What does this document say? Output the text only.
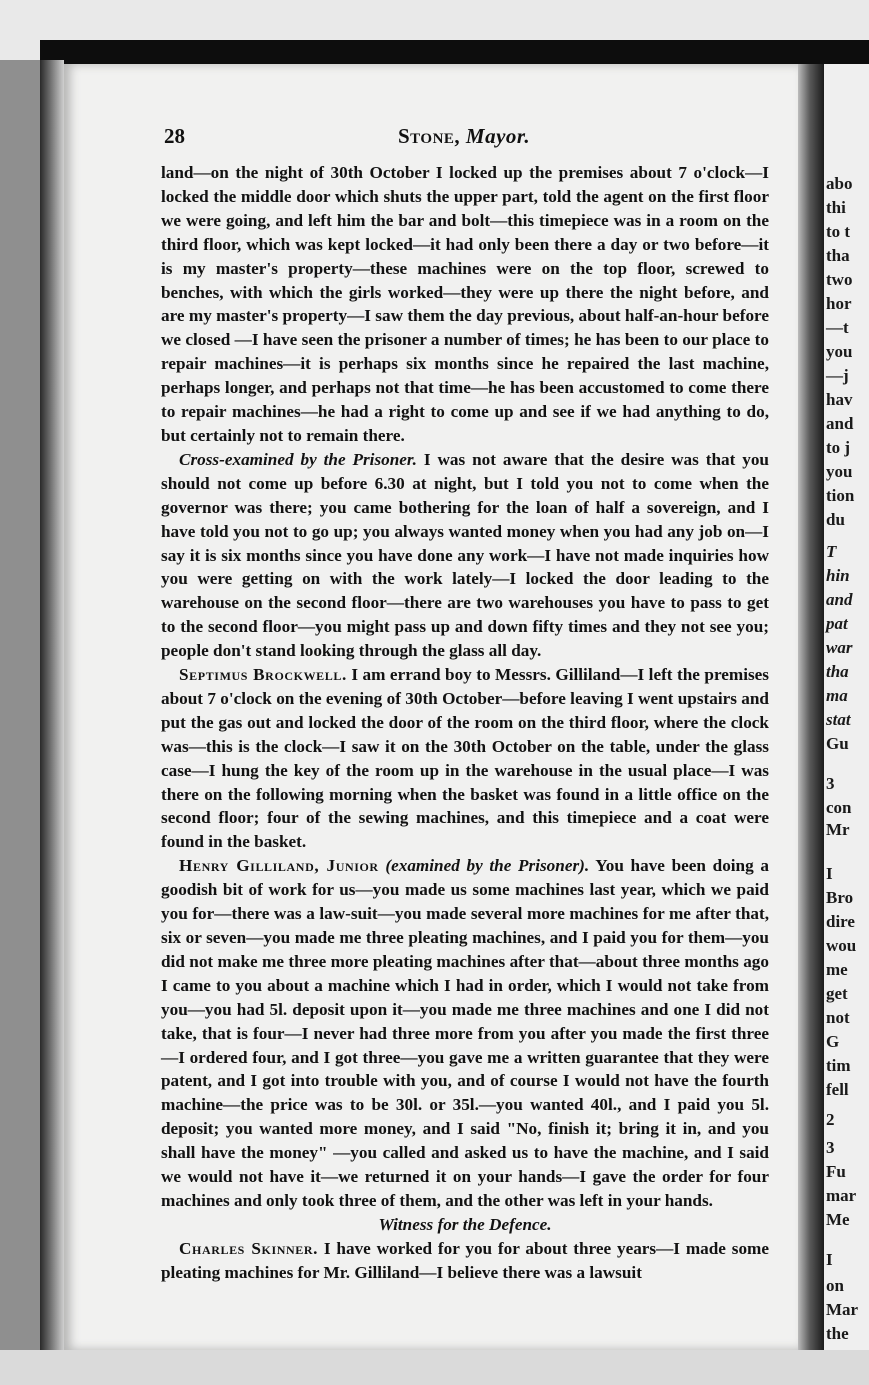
abo
thi
to t
tha
two
hor
—t
you
—j
hav
and
to j
you
tion
du
T
hin
and
pat
war
tha
ma
stat
Gu
3
con
Mr
I
Bro
dire
wou
me
get
not
G
tim
fell
2
3
Fu
mar
Me
I
on
Mar
the
28	Stone, Mayor.

land—on the night of 30th October I locked up the premises about 7 o'clock—I locked the middle door which shuts the upper part, told the agent on the first floor we were going, and left him the bar and bolt—this timepiece was in a room on the third floor, which was kept locked—it had only been there a day or two before—it is my master's property—these machines were on the top floor, screwed to benches, with which the girls worked—they were up there the night before, and are my master's property—I saw them the day previous, about half-an-hour before we closed —I have seen the prisoner a number of times; he has been to our place to repair machines—it is perhaps six months since he repaired the last machine, perhaps longer, and perhaps not that time—he has been accustomed to come there to repair machines—he had a right to come up and see if we had anything to do, but certainly not to remain there.

Cross-examined by the Prisoner. I was not aware that the desire was that you should not come up before 6.30 at night, but I told you not to come when the governor was there; you came bothering for the loan of half a sovereign, and I have told you not to go up; you always wanted money when you had any job on—I say it is six months since you have done any work—I have not made inquiries how you were getting on with the work lately—I locked the door leading to the warehouse on the second floor—there are two warehouses you have to pass to get to the second floor—you might pass up and down fifty times and they not see you; people don't stand looking through the glass all day.

Septimus Brockwell. I am errand boy to Messrs. Gilliland—I left the premises about 7 o'clock on the evening of 30th October—before leaving I went upstairs and put the gas out and locked the door of the room on the third floor, where the clock was—this is the clock—I saw it on the 30th October on the table, under the glass case—I hung the key of the room up in the warehouse in the usual place—I was there on the following morning when the basket was found in a little office on the second floor; four of the sewing machines, and this timepiece and a coat were found in the basket.

Henry Gilliland, Junior (examined by the Prisoner). You have been doing a goodish bit of work for us—you made us some machines last year, which we paid you for—there was a law-suit—you made several more machines for me after that, six or seven—you made me three pleating machines, and I paid you for them—you did not make me three more pleating machines after that—about three months ago I came to you about a machine which I had in order, which I would not take from you—you had 5l. deposit upon it—you made me three machines and one I did not take, that is four—I never had three more from you after you made the first three—I ordered four, and I got three—you gave me a written guarantee that they were patent, and I got into trouble with you, and of course I would not have the fourth machine—the price was to be 30l. or 35l.—you wanted 40l., and I paid you 5l. deposit; you wanted more money, and I said "No, finish it; bring it in, and you shall have the money" —you called and asked us to have the machine, and I said we would not have it—we returned it on your hands—I gave the order for four machines and only took three of them, and the other was left in your hands.

Witness for the Defence.

Charles Skinner. I have worked for you for about three years—I made some pleating machines for Mr. Gilliland—I believe there was a lawsuit
